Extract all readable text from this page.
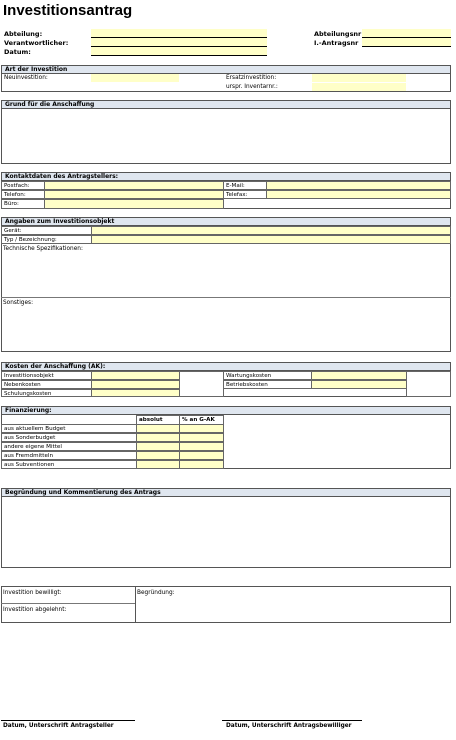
Investitionsantrag
Abteilung:
Verantwortlicher:
Datum:
Abteilungsnr
I.-Antragsnr
Art der Investition
Neuinvestition:	Ersatzinvestition:
urspr. Inventarnr.:
Grund für die Anschaffung
Kontaktdaten des Antragstellers:
Postfach:
Telefon:
Büro:
E-Mail:
Telefax:
Angaben zum Investitionsobjekt
Gerät:
Typ / Bezeichnung:
Technische Spezifikationen:
Sonstiges:
Kosten der Anschaffung (AK):
Investitionsobjekt
Nebenkosten
Schulungskosten
Wartungskosten
Betriebskosten
Finanzierung:
absolut	% an G-AK
aus aktuellem Budget
aus Sonderbudget
andere eigene Mittel
aus Fremdmitteln
aus Subventionen
Begründung und Kommentierung des Antrags
Investition bewilligt:
Investition abgelehnt:
Begründung:
Datum, Unterschrift Antragsteller	Datum, Unterschrift Antragsbewilliger
